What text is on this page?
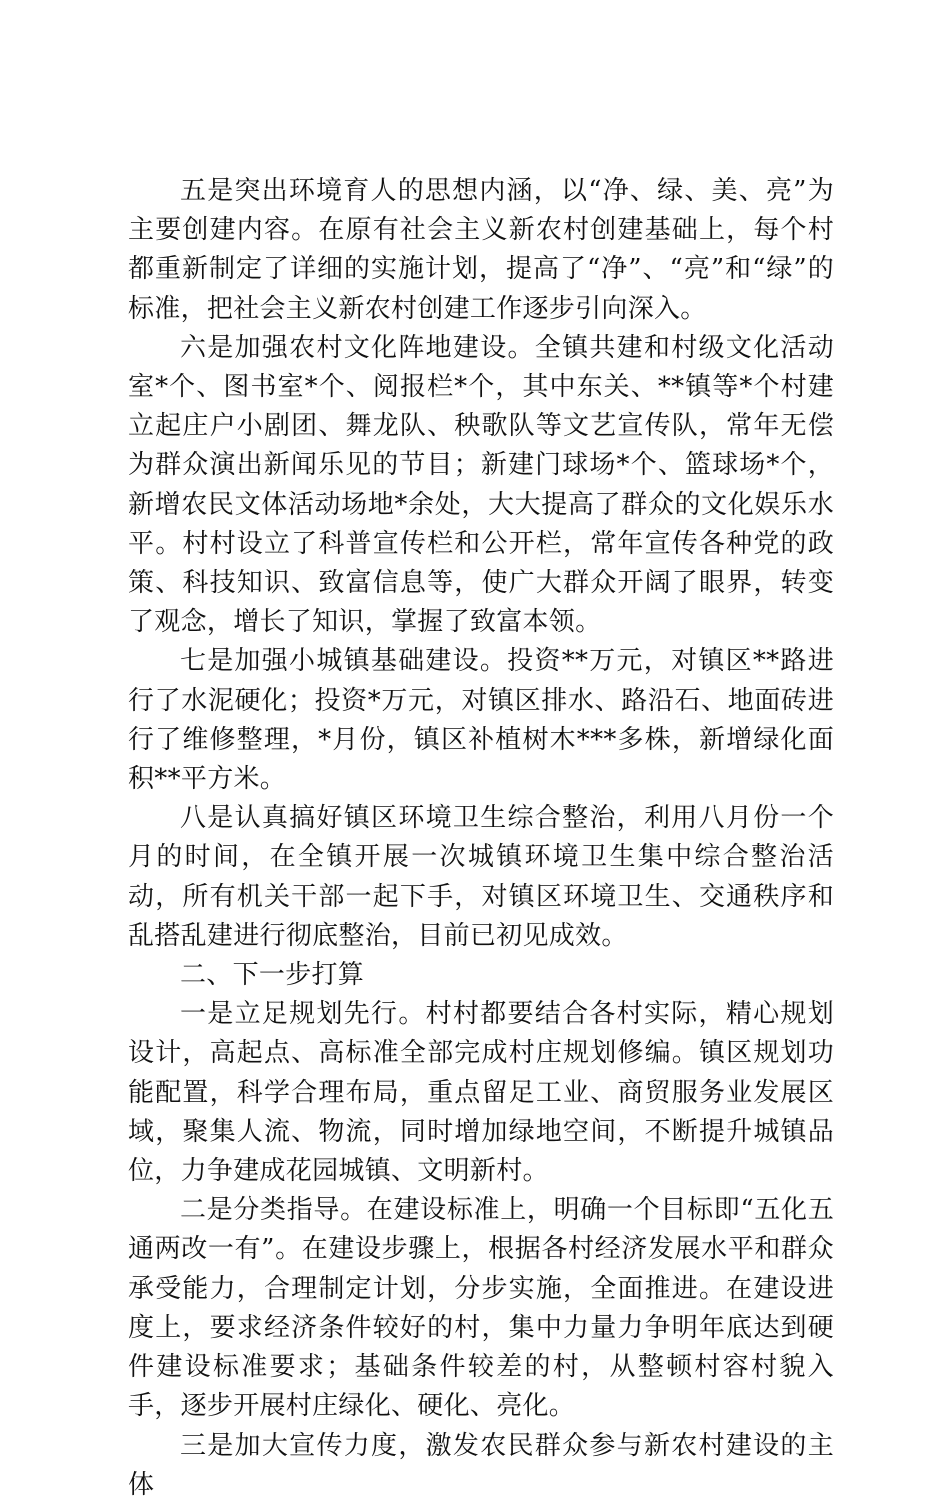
五是突出环境育人的思想内涵，以“净、绿、美、亮”为主要创建内容。在原有社会主义新农村创建基础上，每个村都重新制定了详细的实施计划，提高了“净”、“亮”和“绿”的标准，把社会主义新农村创建工作逐步引向深入。

六是加强农村文化阵地建设。全镇共建和村级文化活动室*个、图书室*个、阅报栏*个，其中东关、**镇等*个村建立起庄户小剧团、舞龙队、秧歌队等文艺宣传队，常年无偿为群众演出新闻乐见的节目；新建门球场*个、篮球场*个，新增农民文体活动场地*余处，大大提高了群众的文化娱乐水平。村村设立了科普宣传栏和公开栏，常年宣传各种党的政策、科技知识、致富信息等，使广大群众开阔了眼界，转变了观念，增长了知识，掌握了致富本领。

七是加强小城镇基础建设。投资**万元，对镇区**路进行了水泥硬化；投资*万元，对镇区排水、路沿石、地面砖进行了维修整理，*月份，镇区补植树木***多株，新增绿化面积**平方米。

八是认真搞好镇区环境卫生综合整治，利用八月份一个月的时间，在全镇开展一次城镇环境卫生集中综合整治活动，所有机关干部一起下手，对镇区环境卫生、交通秩序和乱搭乱建进行彻底整治，目前已初见成效。

二、下一步打算

一是立足规划先行。村村都要结合各村实际，精心规划设计，高起点、高标准全部完成村庄规划修编。镇区规划功能配置，科学合理布局，重点留足工业、商贸服务业发展区域，聚集人流、物流，同时增加绿地空间，不断提升城镇品位，力争建成花园城镇、文明新村。

二是分类指导。在建设标准上，明确一个目标即“五化五通两改一有”。在建设步骤上，根据各村经济发展水平和群众承受能力，合理制定计划，分步实施，全面推进。在建设进度上，要求经济条件较好的村，集中力量力争明年底达到硬件建设标准要求；基础条件较差的村，从整顿村容村貌入手，逐步开展村庄绿化、硬化、亮化。

三是加大宣传力度，激发农民群众参与新农村建设的主体
